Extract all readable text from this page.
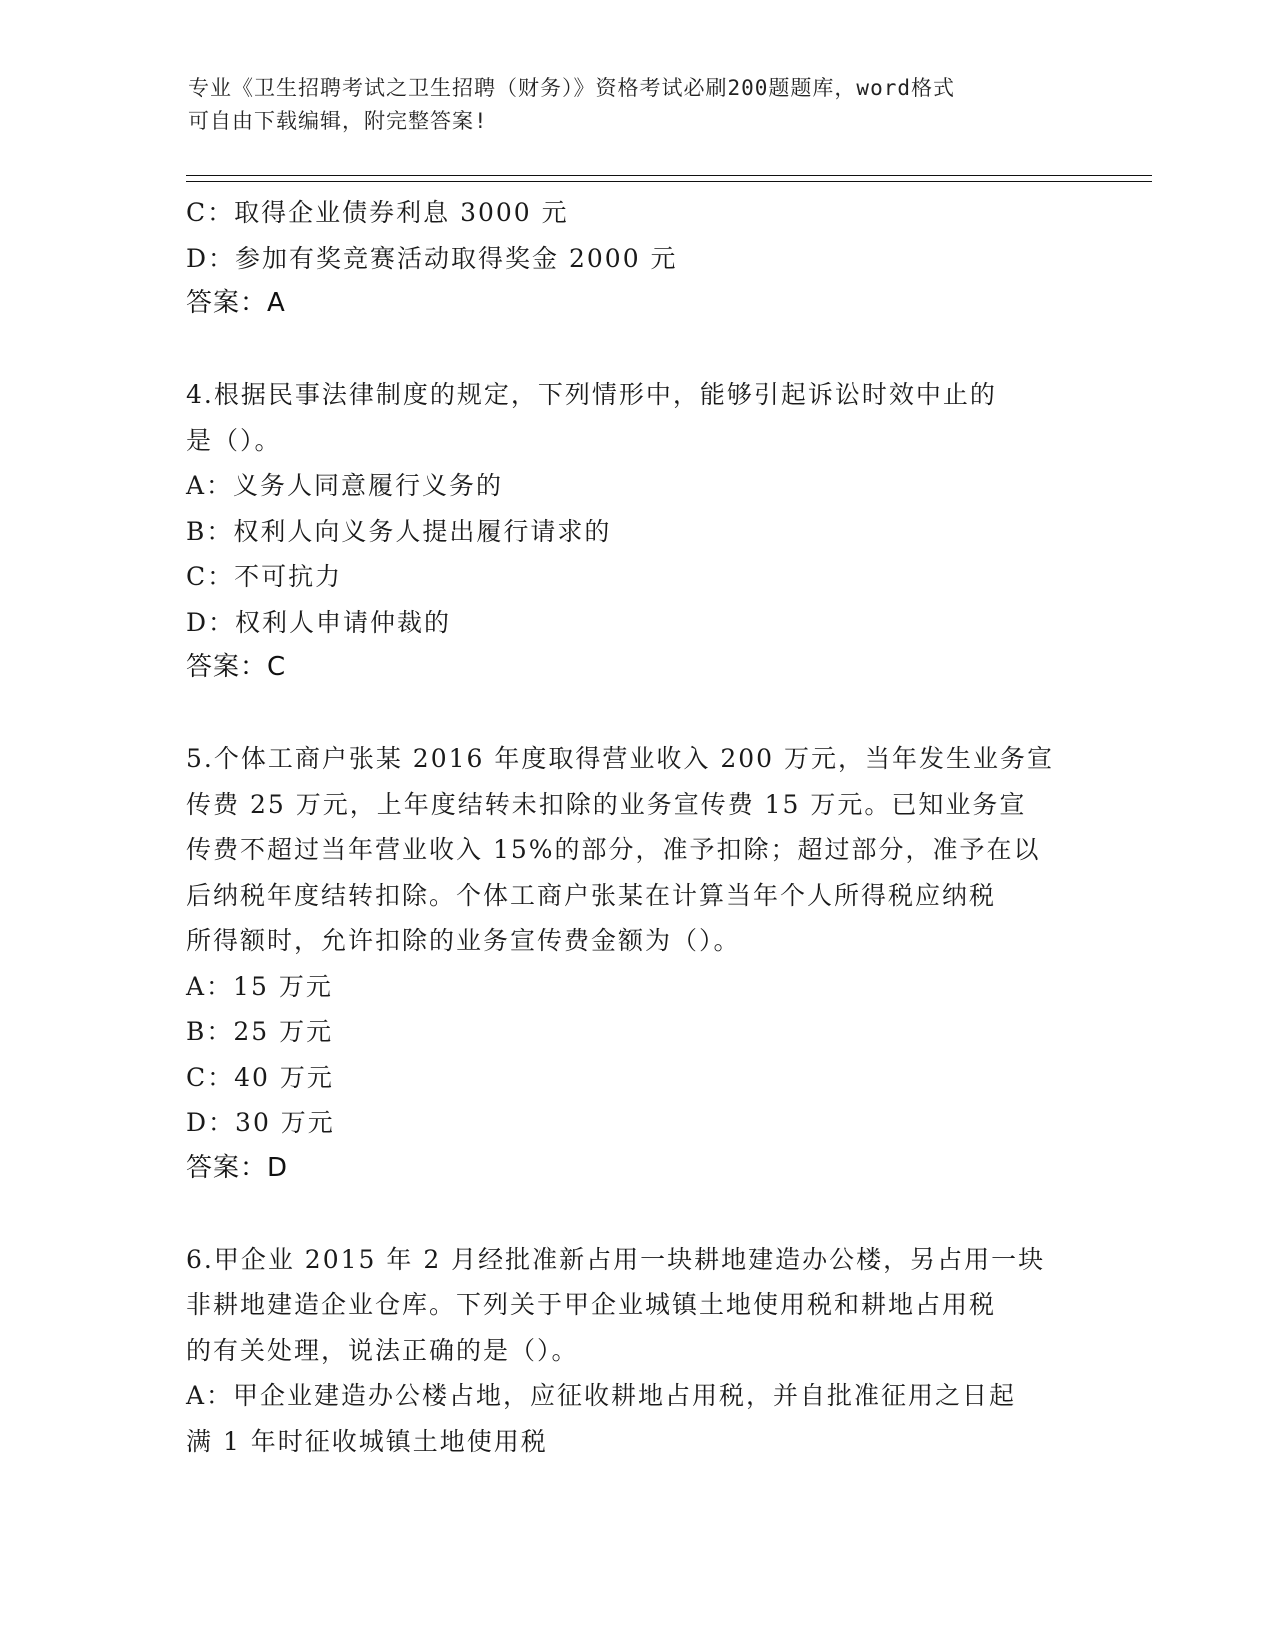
专业《卫生招聘考试之卫生招聘（财务）》资格考试必刷200题题库，word格式

可自由下载编辑，附完整答案!

C：取得企业债券利息 3000 元
D：参加有奖竞赛活动取得奖金 2000 元
答案：A
4.根据民事法律制度的规定，下列情形中，能够引起诉讼时效中止的
是（）。
A：义务人同意履行义务的
B：权利人向义务人提出履行请求的
C：不可抗力
D：权利人申请仲裁的
答案：C
5.个体工商户张某 2016 年度取得营业收入 200 万元，当年发生业务宣
传费 25 万元，上年度结转未扣除的业务宣传费 15 万元。已知业务宣
传费不超过当年营业收入 15%的部分，准予扣除；超过部分，准予在以
后纳税年度结转扣除。个体工商户张某在计算当年个人所得税应纳税
所得额时，允许扣除的业务宣传费金额为（）。
A：15 万元
B：25 万元
C：40 万元
D：30 万元
答案：D
6.甲企业 2015 年 2 月经批准新占用一块耕地建造办公楼，另占用一块
非耕地建造企业仓库。下列关于甲企业城镇土地使用税和耕地占用税
的有关处理，说法正确的是（）。
A：甲企业建造办公楼占地，应征收耕地占用税，并自批准征用之日起
满 1 年时征收城镇土地使用税
